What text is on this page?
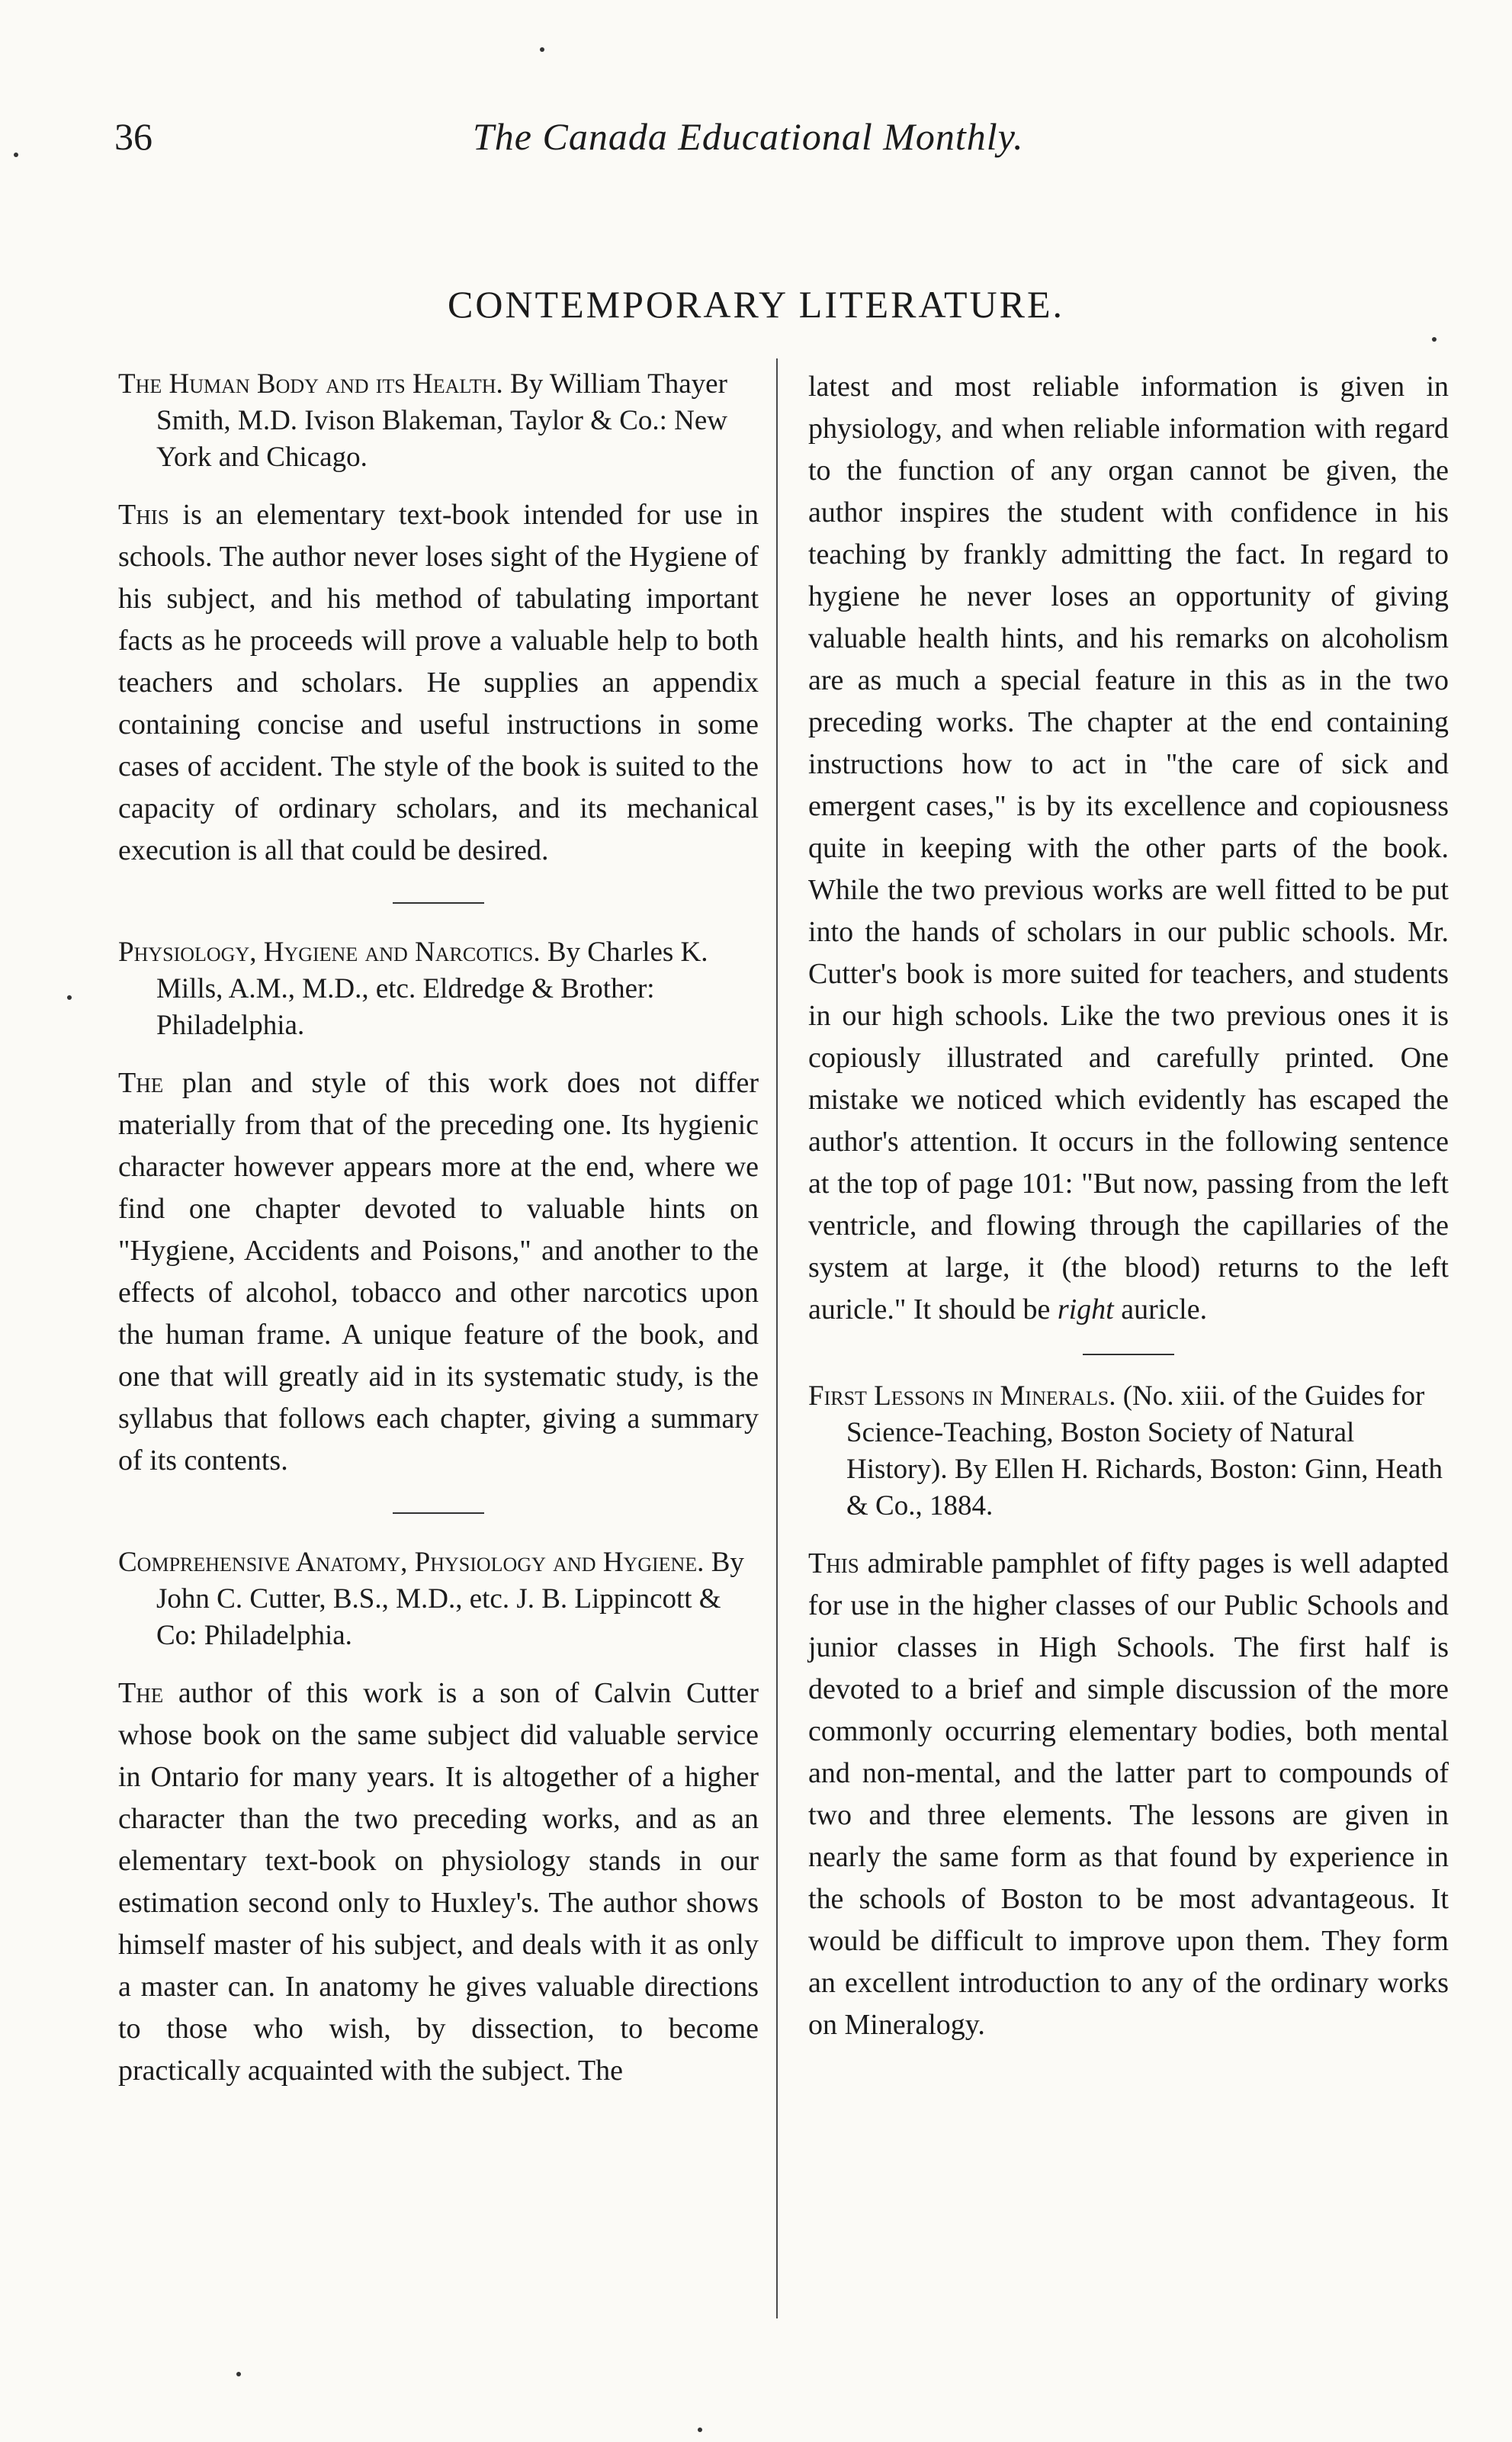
36	The Canada Educational Monthly.
CONTEMPORARY LITERATURE.

The Human Body and its Health. By William Thayer Smith, M.D. Ivison Blakeman, Taylor & Co.: New York and Chicago.

This is an elementary text-book intended for use in schools. The author never loses sight of the Hygiene of his subject, and his method of tabulating important facts as he proceeds will prove a valuable help to both teachers and scholars. He supplies an appendix containing concise and useful instructions in some cases of accident. The style of the book is suited to the capacity of ordinary scholars, and its mechanical execution is all that could be desired.

Physiology, Hygiene and Narcotics. By Charles K. Mills, A.M., M.D., etc. Eldredge & Brother: Philadelphia.

The plan and style of this work does not differ materially from that of the preceding one. Its hygienic character however appears more at the end, where we find one chapter devoted to valuable hints on "Hygiene, Accidents and Poisons," and another to the effects of alcohol, tobacco and other narcotics upon the human frame. A unique feature of the book, and one that will greatly aid in its systematic study, is the syllabus that follows each chapter, giving a summary of its contents.

Comprehensive Anatomy, Physiology and Hygiene. By John C. Cutter, B.S., M.D., etc. J. B. Lippincott & Co: Philadelphia.

The author of this work is a son of Calvin Cutter whose book on the same subject did valuable service in Ontario for many years. It is altogether of a higher character than the two preceding works, and as an elementary text-book on physiology stands in our estimation second only to Huxley's. The author shows himself master of his subject, and deals with it as only a master can. In anatomy he gives valuable directions to those who wish, by dissection, to become practically acquainted with the subject. The

latest and most reliable information is given in physiology, and when reliable information with regard to the function of any organ cannot be given, the author inspires the student with confidence in his teaching by frankly admitting the fact. In regard to hygiene he never loses an opportunity of giving valuable health hints, and his remarks on alcoholism are as much a special feature in this as in the two preceding works. The chapter at the end containing instructions how to act in "the care of sick and emergent cases," is by its excellence and copiousness quite in keeping with the other parts of the book. While the two previous works are well fitted to be put into the hands of scholars in our public schools. Mr. Cutter's book is more suited for teachers, and students in our high schools. Like the two previous ones it is copiously illustrated and carefully printed. One mistake we noticed which evidently has escaped the author's attention. It occurs in the following sentence at the top of page 101: "But now, passing from the left ventricle, and flowing through the capillaries of the system at large, it (the blood) returns to the left auricle." It should be right auricle.

First Lessons in Minerals. (No. xiii. of the Guides for Science-Teaching, Boston Society of Natural History). By Ellen H. Richards, Boston: Ginn, Heath & Co., 1884.

This admirable pamphlet of fifty pages is well adapted for use in the higher classes of our Public Schools and junior classes in High Schools. The first half is devoted to a brief and simple discussion of the more commonly occurring elementary bodies, both mental and non-mental, and the latter part to compounds of two and three elements. The lessons are given in nearly the same form as that found by experience in the schools of Boston to be most advantageous. It would be difficult to improve upon them. They form an excellent introduction to any of the ordinary works on Mineralogy.
